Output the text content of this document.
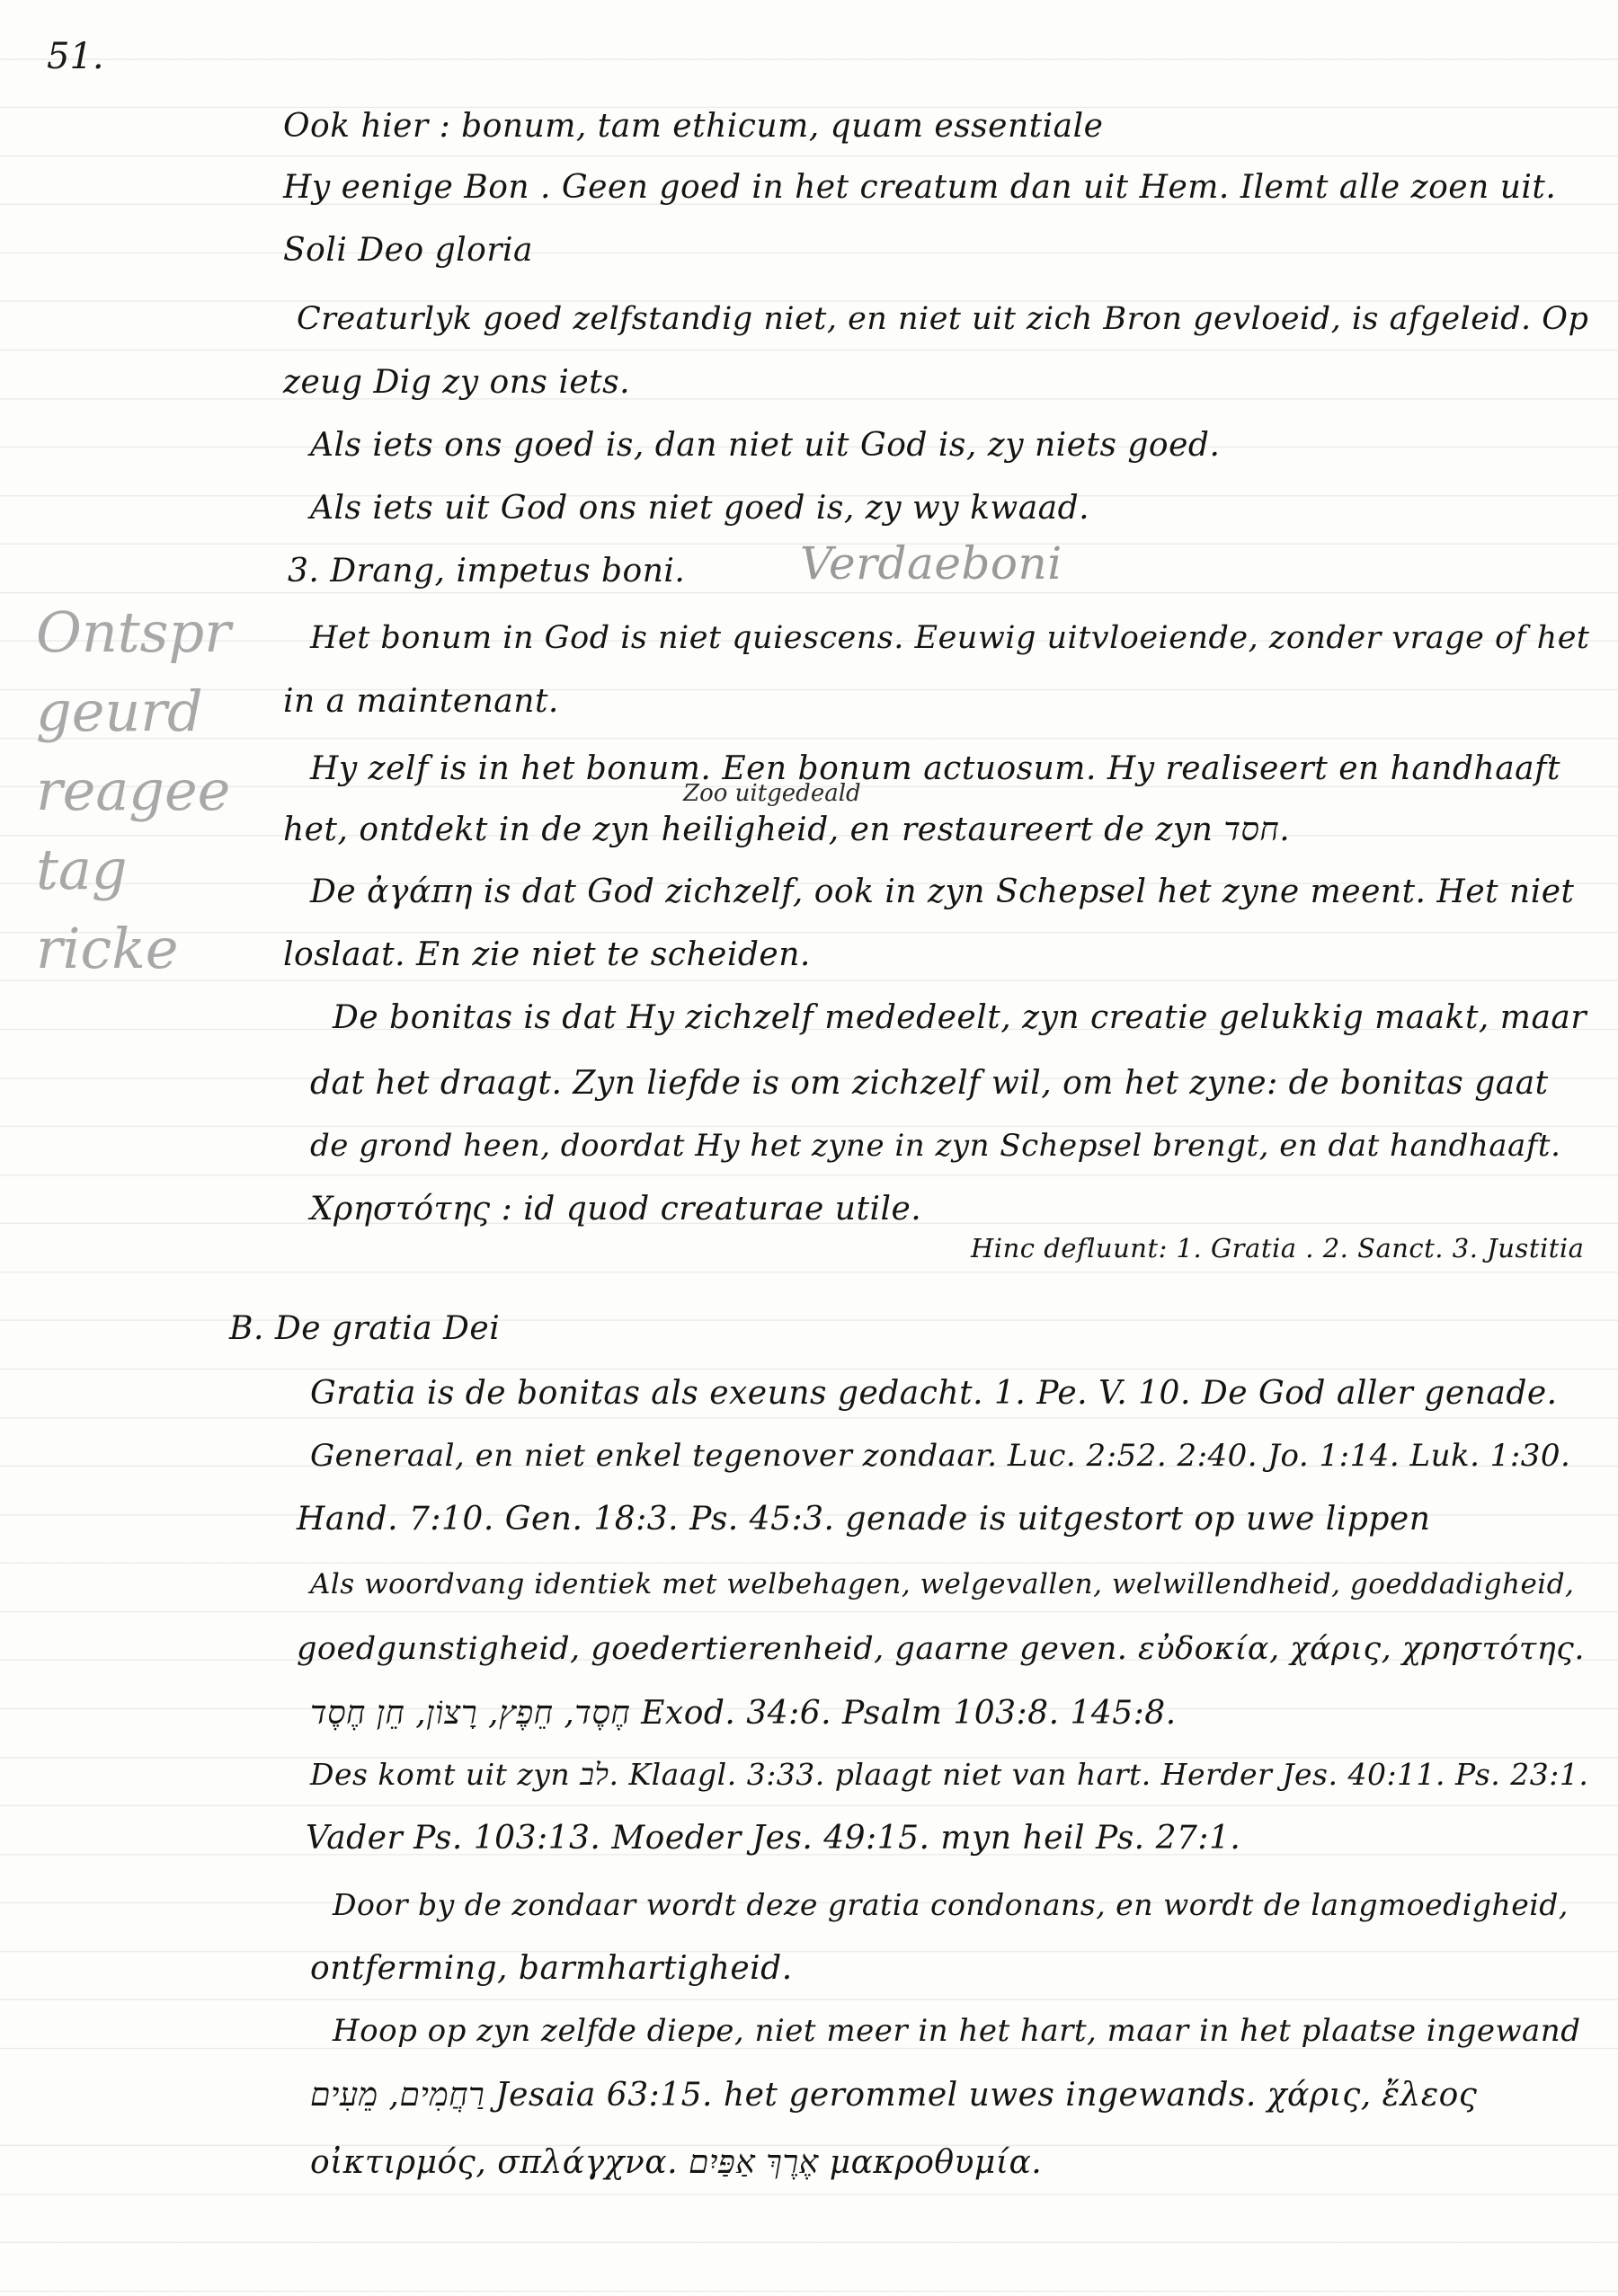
51.
Ontspr
geurd
reagee
tag
ricke
Ook hier : bonum, tam ethicum, quam essentiale
Hy eenige Bon . Geen goed in het creatum dan uit Hem. Ilemt alle zoen uit.
Soli Deo gloria
Creaturlyk goed zelfstandig niet, en niet uit zich Bron gevloeid, is afgeleid. Op
zeug Dig zy ons iets.
Als iets ons goed is, dan niet uit God is, zy niets goed.
Als iets uit God ons niet goed is, zy wy kwaad.
3. Drang, impetus boni.	Verdaeboni
Het bonum in God is niet quiescens. Eeuwig uitvloeiende, zonder vrage of het
in a maintenant.
Hy zelf is in het bonum. Een bonum actuosum. Hy realiseert en handhaaft
Zoo uitgedeald
het, ontdekt in de zyn heiligheid, en restaureert de zyn חסד.
De ἀγάπη is dat God zichzelf, ook in zyn Schepsel het zyne meent. Het niet
loslaat. En zie niet te scheiden.
De bonitas is dat Hy zichzelf mededeelt, zyn creatie gelukkig maakt, maar
dat het draagt. Zyn liefde is om zichzelf wil, om het zyne: de bonitas gaat
de grond heen, doordat Hy het zyne in zyn Schepsel brengt, en dat handhaaft.
Χρηστότης : id quod creaturae utile.
Hinc defluunt: 1. Gratia . 2. Sanct. 3. Justitia
B. De gratia Dei
Gratia is de bonitas als exeuns gedacht. 1. Pe. V. 10. De God aller genade.
Generaal, en niet enkel tegenover zondaar. Luc. 2:52. 2:40. Jo. 1:14. Luk. 1:30.
Hand. 7:10. Gen. 18:3. Ps. 45:3. genade is uitgestort op uwe lippen
Als woordvang identiek met welbehagen, welgevallen, welwillendheid, goeddadigheid,
goedgunstigheid, goedertierenheid, gaarne geven. εὐδοκία, χάρις, χρηστότης.
חֶסֶד, חֵפֶץ, רָצוֹן, חֵן חֶסֶד Exod. 34:6. Psalm 103:8. 145:8.
Des komt uit zyn לב. Klaagl. 3:33. plaagt niet van hart. Herder Jes. 40:11. Ps. 23:1.
Vader Ps. 103:13. Moeder Jes. 49:15. myn heil Ps. 27:1.
Door by de zondaar wordt deze gratia condonans, en wordt de langmoedigheid,
ontferming, barmhartigheid.
Hoop op zyn zelfde diepe, niet meer in het hart, maar in het plaatse ingewand
רַחֲמִים, מֵעִים Jesaia 63:15. het gerommel uwes ingewands. χάρις, ἔλεος
οἰκτιρμός, σπλάγχνα. אֶרֶךְ אַפַּיִם μακροθυμία.
